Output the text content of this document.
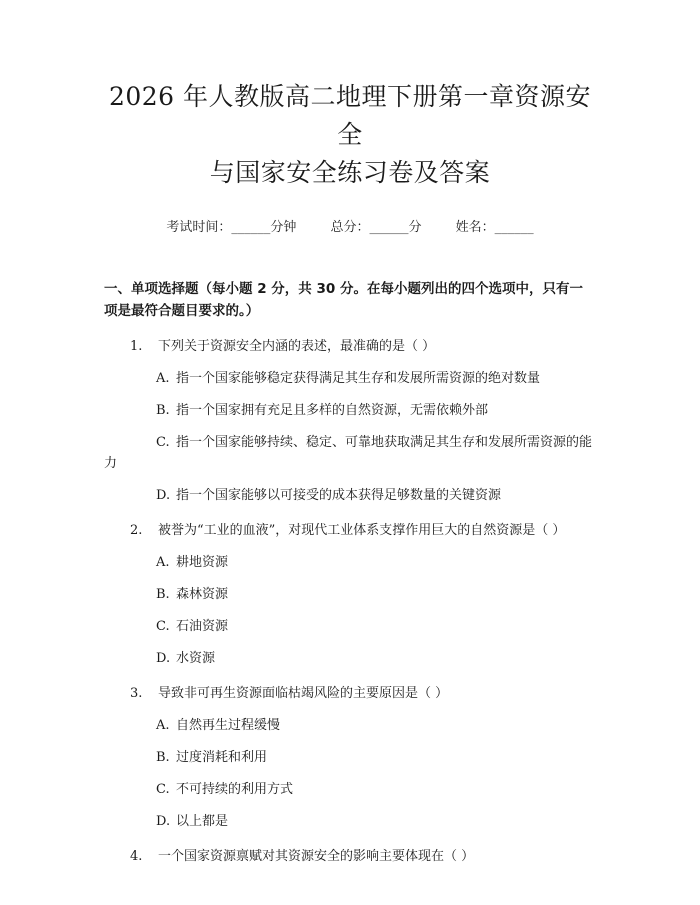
2026 年人教版高二地理下册第一章资源安全
与国家安全练习卷及答案
考试时间：______分钟	总分：______分	姓名：______
一、单项选择题（每小题 2 分，共 30 分。在每小题列出的四个选项中，只有一项是最符合题目要求的。）

1. 下列关于资源安全内涵的表述，最准确的是（ ）

A. 指一个国家能够稳定获得满足其生存和发展所需资源的绝对数量

B. 指一个国家拥有充足且多样的自然资源，无需依赖外部

C. 指一个国家能够持续、稳定、可靠地获取满足其生存和发展所需资源的能力

D. 指一个国家能够以可接受的成本获得足够数量的关键资源

2. 被誉为“工业的血液”，对现代工业体系支撑作用巨大的自然资源是（ ）

A. 耕地资源

B. 森林资源

C. 石油资源

D. 水资源

3. 导致非可再生资源面临枯竭风险的主要原因是（ ）

A. 自然再生过程缓慢

B. 过度消耗和利用

C. 不可持续的利用方式

D. 以上都是

4. 一个国家资源禀赋对其资源安全的影响主要体现在（ ）
